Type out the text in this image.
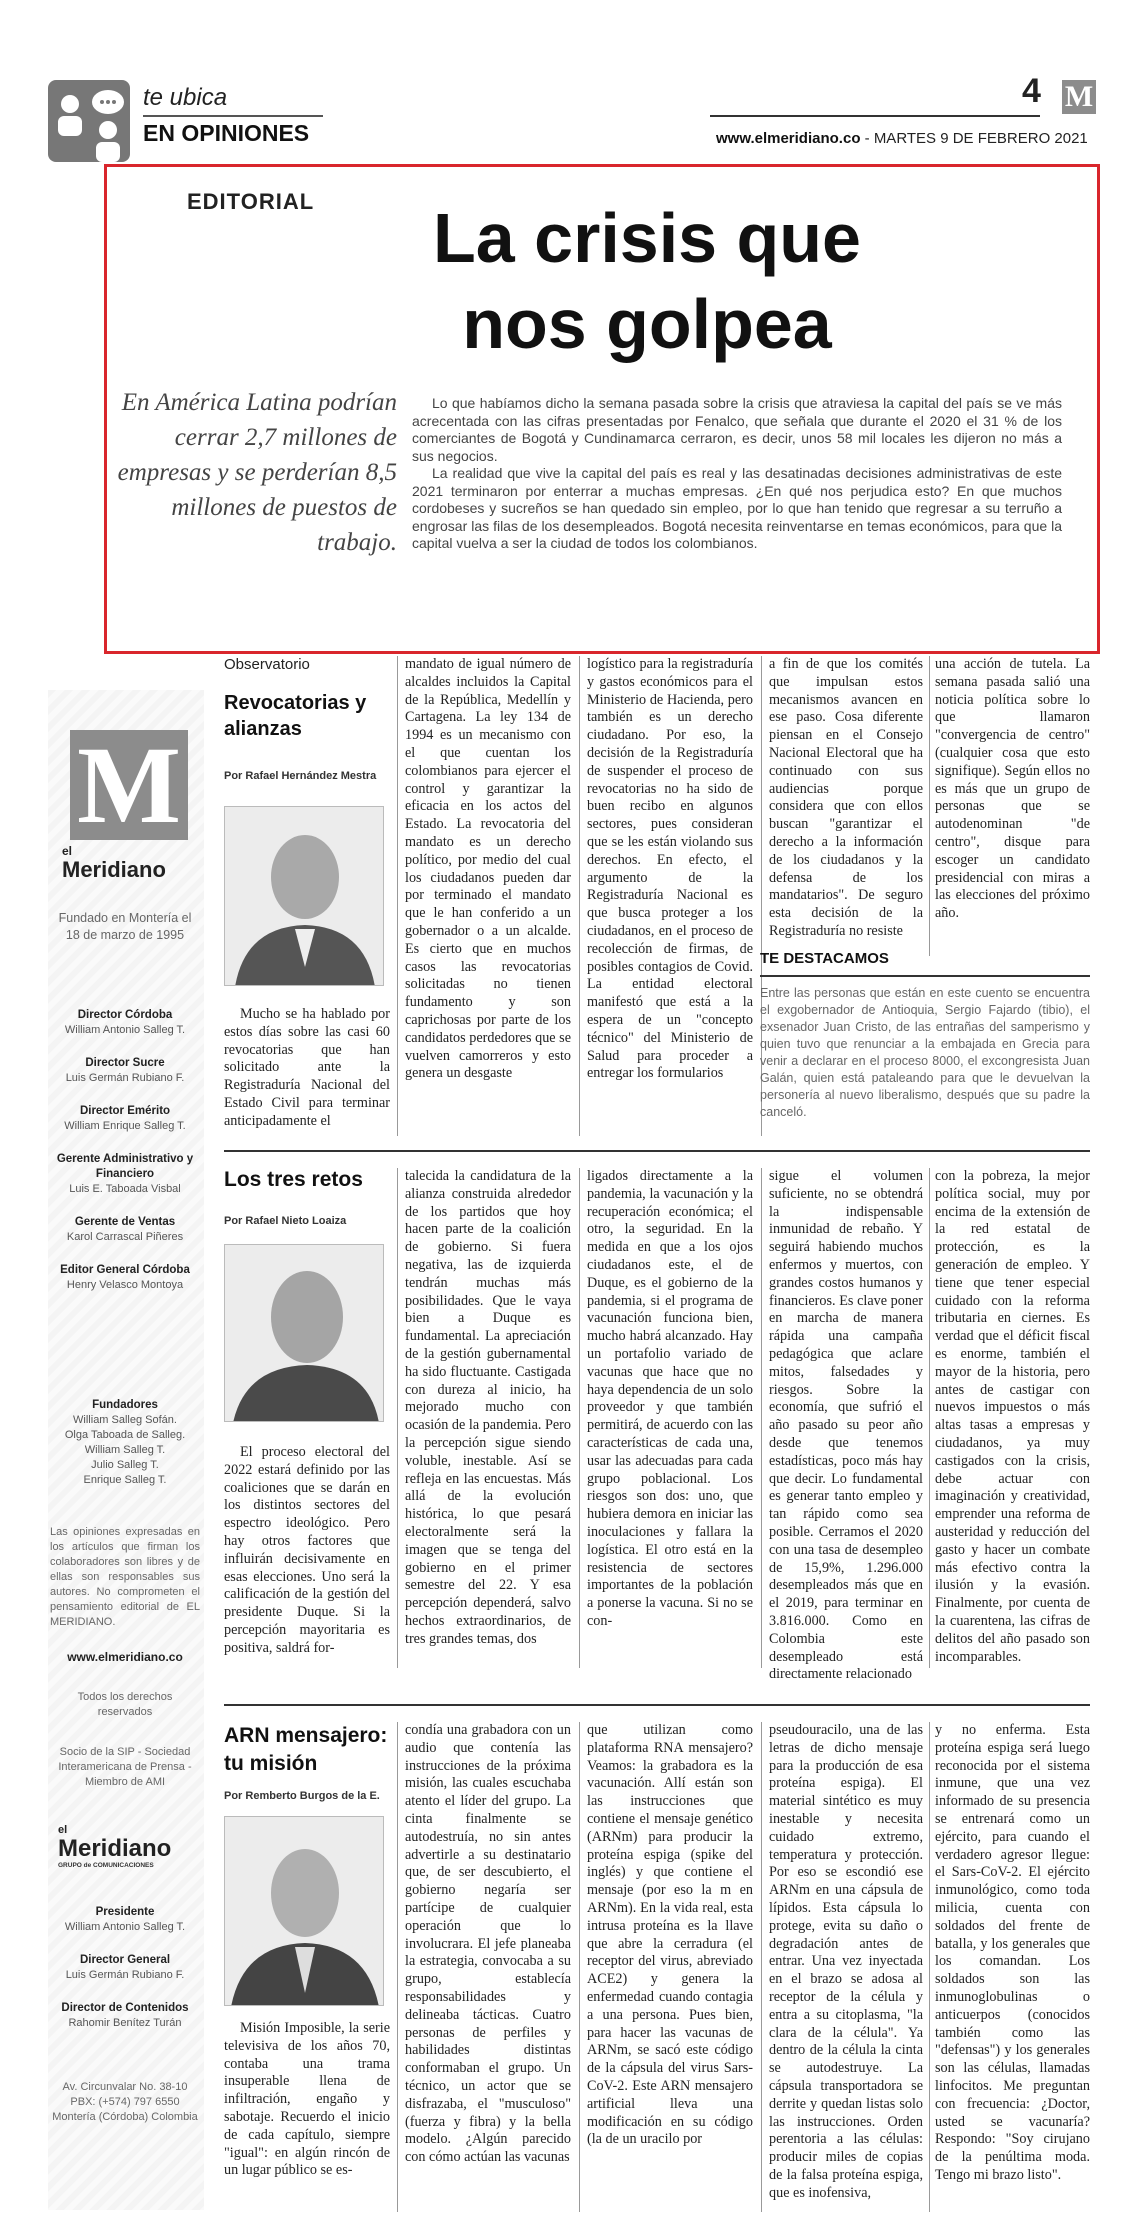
te ubica
EN OPINIONES
4 M
www.elmeridiano.co - MARTES 9 DE FEBRERO 2021
EDITORIAL	La crisis que
nos golpea
En América Latina podrían cerrar 2,7 millones de empresas y se perderían 8,5 millones de puestos de trabajo.

Lo que habíamos dicho la semana pasada sobre la crisis que atraviesa la capital del país se ve más acrecentada con las cifras presentadas por Fenalco, que señala que durante el 2020 el 31 % de los comerciantes de Bogotá y Cundinamarca cerraron, es decir, unos 58 mil locales les dijeron no más a sus negocios.

La realidad que vive la capital del país es real y las desatinadas decisiones administrativas de este 2021 terminaron por enterrar a muchas empresas. ¿En qué nos perjudica esto? En que muchos cordobeses y sucreños se han quedado sin empleo, por lo que han tenido que regresar a su terruño a engrosar las filas de los desempleados. Bogotá necesita reinventarse en temas económicos, para que la capital vuelva a ser la ciudad de todos los colombianos.

M
el
Meridiano
Fundado en Montería el 18 de marzo de 1995
Director Córdoba
William Antonio Salleg T.
Director Sucre
Luis Germán Rubiano F.
Director Emérito
William Enrique Salleg T.
Gerente Administrativo y Financiero
Luis E. Taboada Visbal
Gerente de Ventas
Karol Carrascal Piñeres
Editor General Córdoba
Henry Velasco Montoya
Fundadores
William Salleg Sofán.
Olga Taboada de Salleg.
William Salleg T.
Julio Salleg T.
Enrique Salleg T.
Las opiniones expresadas en los artículos que firman los colaboradores son libres y de ellas son responsables sus autores. No comprometen el pensamiento editorial de EL MERIDIANO.
www.elmeridiano.co
Todos los derechos reservados
Socio de la SIP - Sociedad Interamericana de Prensa - Miembro de AMI
el
Meridiano
GRUPO de COMUNICACIONES
Presidente
William Antonio Salleg T.
Director General
Luis Germán Rubiano F.
Director de Contenidos
Rahomir Benítez Turán
Av. Circunvalar No. 38-10 PBX: (+574) 797 6550 Montería (Córdoba) Colombia
Observatorio
Revocatorias y alianzas
Por Rafael Hernández Mestra

Mucho se ha hablado por estos días sobre las casi 60 revocatorias que han solicitado ante la Registraduría Nacional del Estado Civil para terminar anticipadamente el

mandato de igual número de alcaldes incluidos la Capital de la República, Medellín y Cartagena. La ley 134 de 1994 es un mecanismo con el que cuentan los colombianos para ejercer el control y garantizar la eficacia en los actos del Estado. La revocatoria del mandato es un derecho político, por medio del cual los ciudadanos pueden dar por terminado el mandato que le han conferido a un gobernador o a un alcalde. Es cierto que en muchos casos las revocatorias solicitadas no tienen fundamento y son caprichosas por parte de los candidatos perdedores que se vuelven camorreros y esto genera un desgaste

logístico para la registraduría y gastos económicos para el Ministerio de Hacienda, pero también es un derecho ciudadano. Por eso, la decisión de la Registraduría de suspender el proceso de revocatorias no ha sido de buen recibo en algunos sectores, pues consideran que se les están violando sus derechos. En efecto, el argumento de la Registraduría Nacional es que busca proteger a los ciudadanos, en el proceso de recolección de firmas, de posibles contagios de Covid. La entidad electoral manifestó que está a la espera de un "concepto técnico" del Ministerio de Salud para proceder a entregar los formularios

a fin de que los comités que impulsan estos mecanismos avancen en ese paso. Cosa diferente piensan en el Consejo Nacional Electoral que ha continuado con sus audiencias porque considera que con ellos buscan "garantizar el derecho a la información de los ciudadanos y la defensa de los mandatarios". De seguro esta decisión de la Registraduría no resiste

una acción de tutela. La semana pasada salió una noticia política sobre lo que llamaron "convergencia de centro" (cualquier cosa que esto signifique). Según ellos no es más que un grupo de personas que se autodenominan "de centro", disque para escoger un candidato presidencial con miras a las elecciones del próximo año.

TE DESTACAMOS
Entre las personas que están en este cuento se encuentra el exgobernador de Antioquia, Sergio Fajardo (tibio), el exsenador Juan Cristo, de las entrañas del samperismo y quien tuvo que renunciar a la embajada en Grecia para venir a declarar en el proceso 8000, el excongresista Juan Galán, quien está pataleando para que le devuelvan la personería al nuevo liberalismo, después que su padre la canceló.
Los tres retos
Por Rafael Nieto Loaiza

El proceso electoral del 2022 estará definido por las coaliciones que se darán en los distintos sectores del espectro ideológico. Pero hay otros factores que influirán decisivamente en esas elecciones. Uno será la calificación de la gestión del presidente Duque. Si la percepción mayoritaria es positiva, saldrá for-

talecida la candidatura de la alianza construida alrededor de los partidos que hoy hacen parte de la coalición de gobierno. Si fuera negativa, las de izquierda tendrán muchas más posibilidades. Que le vaya bien a Duque es fundamental. La apreciación de la gestión gubernamental ha sido fluctuante. Castigada con dureza al inicio, ha mejorado mucho con ocasión de la pandemia. Pero la percepción sigue siendo voluble, inestable. Así se refleja en las encuestas. Más allá de la evolución histórica, lo que pesará electoralmente será la imagen que se tenga del gobierno en el primer semestre del 22. Y esa percepción dependerá, salvo hechos extraordinarios, de tres grandes temas, dos

ligados directamente a la pandemia, la vacunación y la recuperación económica; el otro, la seguridad. En la medida en que a los ojos ciudadanos este, el de Duque, es el gobierno de la pandemia, si el programa de vacunación funciona bien, mucho habrá alcanzado. Hay un portafolio variado de vacunas que hace que no haya dependencia de un solo proveedor y que también permitirá, de acuerdo con las características de cada una, usar las adecuadas para cada grupo poblacional. Los riesgos son dos: uno, que hubiera demora en iniciar las inoculaciones y fallara la logística. El otro está en la resistencia de sectores importantes de la población a ponerse la vacuna. Si no se con-

sigue el volumen suficiente, no se obtendrá la indispensable inmunidad de rebaño. Y seguirá habiendo muchos enfermos y muertos, con grandes costos humanos y financieros. Es clave poner en marcha de manera rápida una campaña pedagógica que aclare mitos, falsedades y riesgos. Sobre la economía, que sufrió el año pasado su peor año desde que tenemos estadísticas, poco más hay que decir. Lo fundamental es generar tanto empleo y tan rápido como sea posible. Cerramos el 2020 con una tasa de desempleo de 15,9%, 1.296.000 desempleados más que en el 2019, para terminar en 3.816.000. Como en Colombia este desempleado está directamente relacionado

con la pobreza, la mejor política social, muy por encima de la extensión de la red estatal de protección, es la generación de empleo. Y tiene que tener especial cuidado con la reforma tributaria en ciernes. Es verdad que el déficit fiscal es enorme, también el mayor de la historia, pero antes de castigar con nuevos impuestos o más altas tasas a empresas y ciudadanos, ya muy castigados con la crisis, debe actuar con imaginación y creatividad, emprender una reforma de austeridad y reducción del gasto y hacer un combate más efectivo contra la ilusión y la evasión. Finalmente, por cuenta de la cuarentena, las cifras de delitos del año pasado son incomparables.

ARN mensajero: tu misión
Por Remberto Burgos de la E.

Misión Imposible, la serie televisiva de los años 70, contaba una trama insuperable llena de infiltración, engaño y sabotaje. Recuerdo el inicio de cada capítulo, siempre "igual": en algún rincón de un lugar público se es-

condía una grabadora con un audio que contenía las instrucciones de la próxima misión, las cuales escuchaba atento el líder del grupo. La cinta finalmente se autodestruía, no sin antes advertirle a su destinatario que, de ser descubierto, el gobierno negaría ser partícipe de cualquier operación que lo involucrara. El jefe planeaba la estrategia, convocaba a su grupo, establecía responsabilidades y delineaba tácticas. Cuatro personas de perfiles y habilidades distintas conformaban el grupo. Un técnico, un actor que se disfrazaba, el "musculoso" (fuerza y fibra) y la bella modelo. ¿Algún parecido con cómo actúan las vacunas

que utilizan como plataforma RNA mensajero? Veamos: la grabadora es la vacunación. Allí están son las instrucciones que contiene el mensaje genético (ARNm) para producir la proteína espiga (spike del inglés) y que contiene el mensaje (por eso la m en ARNm). En la vida real, esta intrusa proteína es la llave que abre la cerradura (el receptor del virus, abreviado ACE2) y genera la enfermedad cuando contagia a una persona. Pues bien, para hacer las vacunas de ARNm, se sacó este código de la cápsula del virus Sars-CoV-2. Este ARN mensajero artificial lleva una modificación en su código (la de un uracilo por

pseudouracilo, una de las letras de dicho mensaje para la producción de esa proteína espiga). El material sintético es muy inestable y necesita cuidado extremo, temperatura y protección. Por eso se escondió ese ARNm en una cápsula de lípidos. Esta cápsula lo protege, evita su daño o degradación antes de entrar. Una vez inyectada en el brazo se adosa al receptor de la célula y entra a su citoplasma, "la clara de la célula". Ya dentro de la célula la cinta se autodestruye. La cápsula transportadora se derrite y quedan listas solo las instrucciones. Orden perentoria a las células: producir miles de copias de la falsa proteína espiga, que es inofensiva,

y no enferma. Esta proteína espiga será luego reconocida por el sistema inmune, que una vez informado de su presencia se entrenará como un ejército, para cuando el verdadero agresor llegue: el Sars-CoV-2. El ejército inmunológico, como toda milicia, cuenta con soldados del frente de batalla, y los generales que los comandan. Los soldados son las inmunoglobulinas o anticuerpos (conocidos también como las "defensas") y los generales son las células, llamadas linfocitos. Me preguntan con frecuencia: ¿Doctor, usted se vacunaría? Respondo: "Soy cirujano de la penúltima moda. Tengo mi brazo listo".
